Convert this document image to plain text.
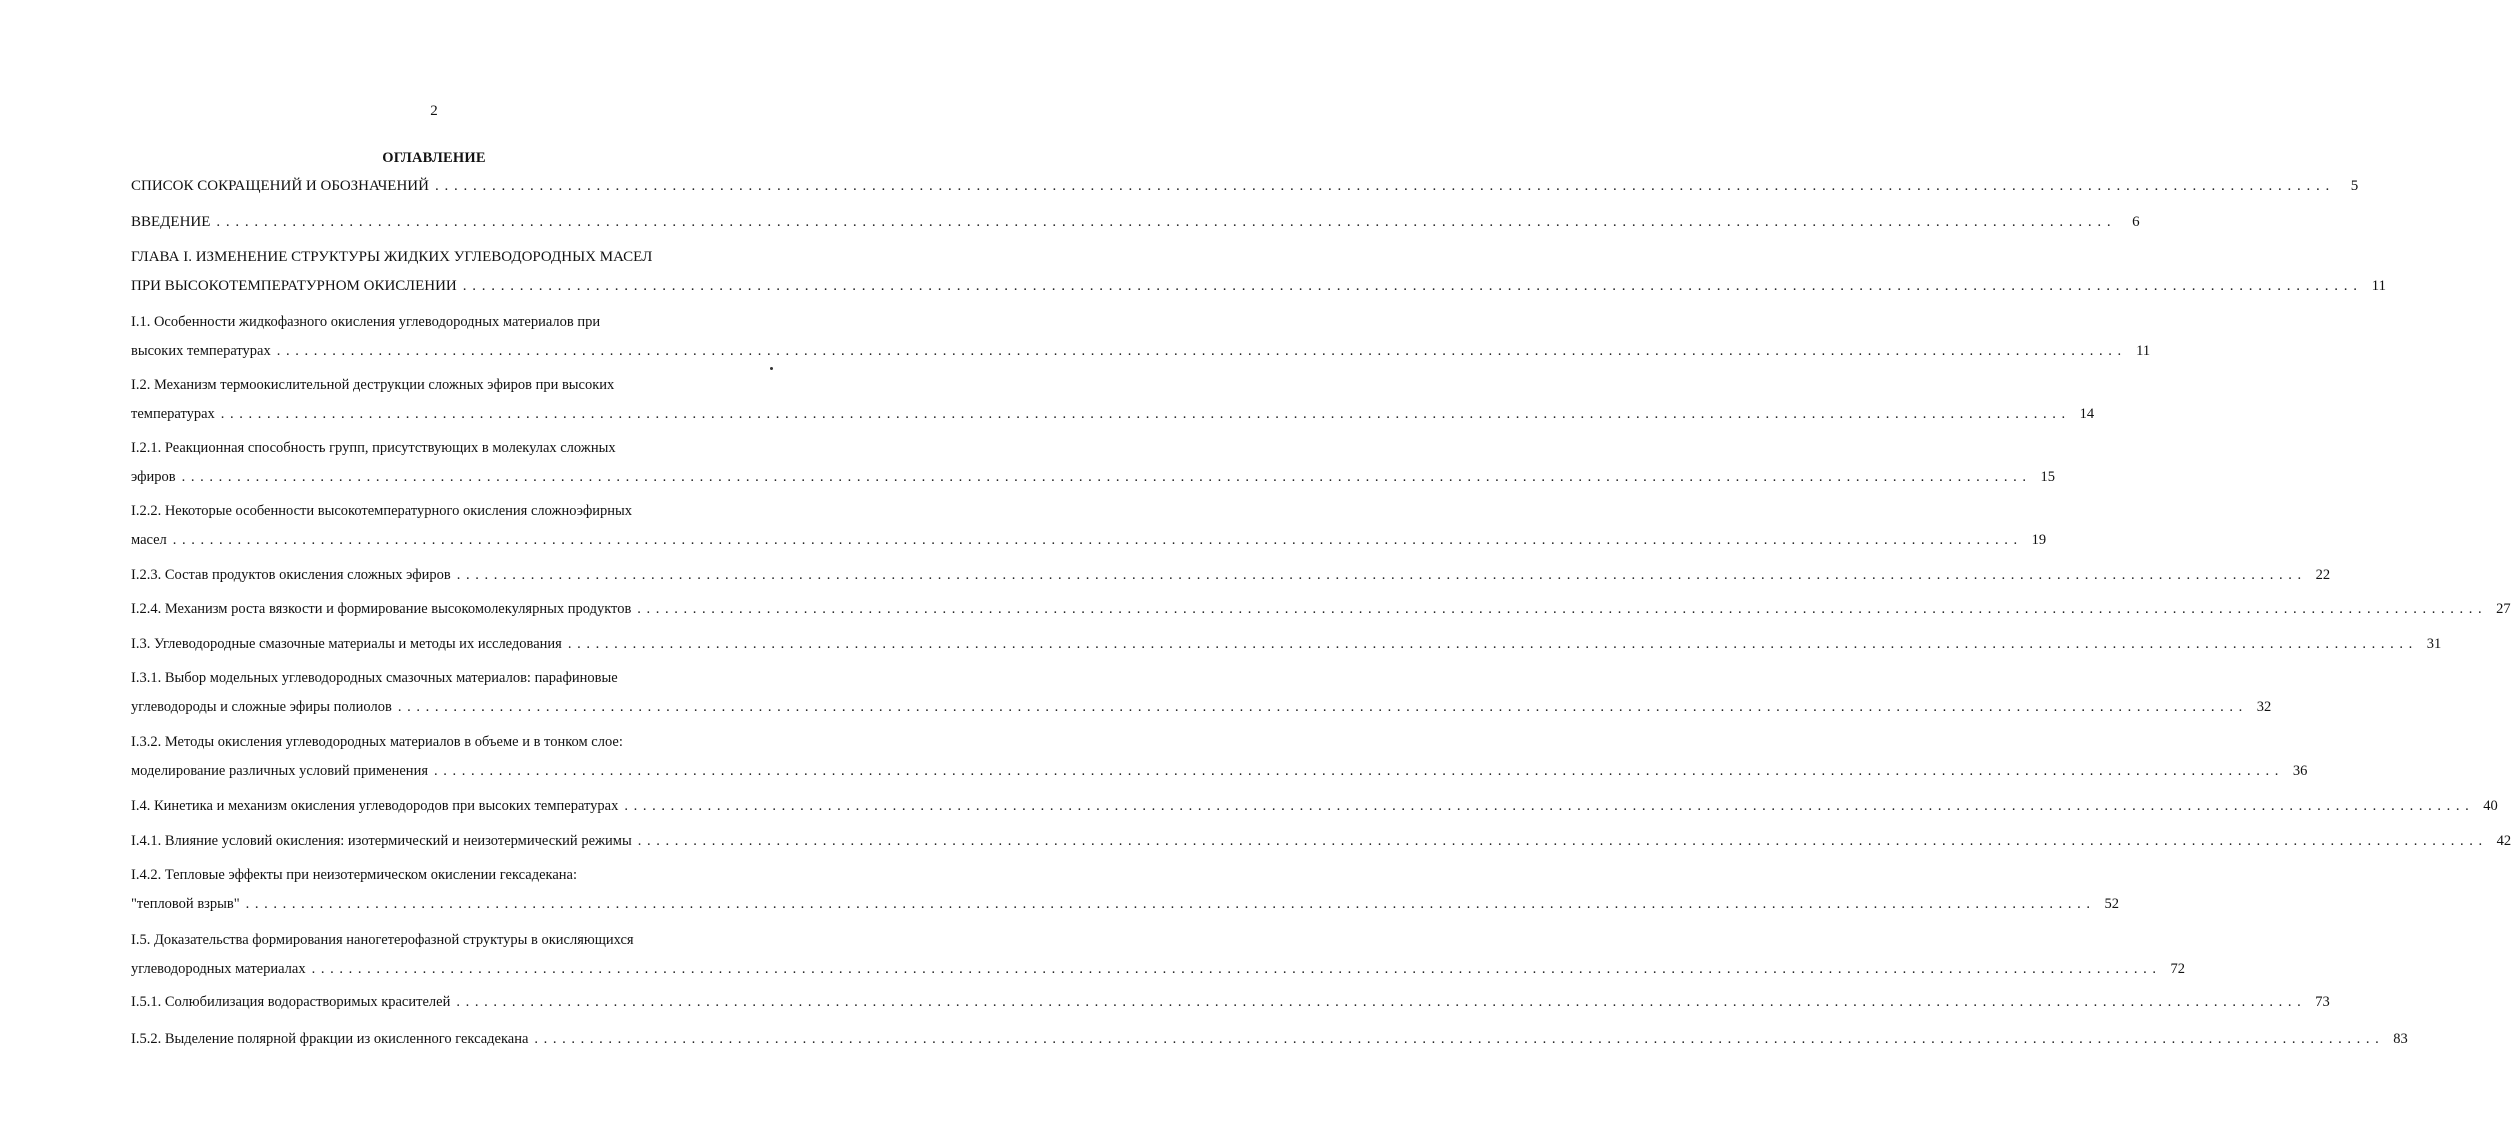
2
ОГЛАВЛЕНИЕ
СПИСОК СОКРАЩЕНИЙ И ОБОЗНАЧЕНИЙ . . . . . . . . . . . . . . . . . . . . . . . . . . . . . . . . . . . . . . . . . . . . . . . . . . . . . . . . . . . . . . . . . . . . . . . . . . . . . . . . . . . . . . . . . . . . . . . . . . . . . . . . . . . . . . . . . . . . . . . . . . . . . . . . . . . . . . . . . . . . . . . . . . . . . . . . . . . . . . . . . . . . . . . . . . . . . . . . . . . . . . . . . . . . . . . . . . . . . . . .	5
ВВЕДЕНИЕ . . . . . . . . . . . . . . . . . . . . . . . . . . . . . . . . . . . . . . . . . . . . . . . . . . . . . . . . . . . . . . . . . . . . . . . . . . . . . . . . . . . . . . . . . . . . . . . . . . . . . . . . . . . . . . . . . . . . . . . . . . . . . . . . . . . . . . . . . . . . . . . . . . . . . . . . . . . . . . . . . . . . . . . . . . . . . . . . . . . . . . . . . . . . . . . . . . . . . . . .	6
ГЛАВА I. ИЗМЕНЕНИЕ СТРУКТУРЫ ЖИДКИХ УГЛЕВОДОРОДНЫХ МАСЕЛ
ПРИ ВЫСОКОТЕМПЕРАТУРНОМ ОКИСЛЕНИИ . . . . . . . . . . . . . . . . . . . . . . . . . . . . . . . . . . . . . . . . . . . . . . . . . . . . . . . . . . . . . . . . . . . . . . . . . . . . . . . . . . . . . . . . . . . . . . . . . . . . . . . . . . . . . . . . . . . . . . . . . . . . . . . . . . . . . . . . . . . . . . . . . . . . . . . . . . . . . . . . . . . . . . . . . . . . . . . . . . . . . . . . . . . . . . . . . . . . . . . . 11
I.1. Особенности жидкофазного окисления углеводородных материалов при
высоких температурах . . . . . . . . . . . . . . . . . . . . . . . . . . . . . . . . . . . . . . . . . . . . . . . . . . . . . . . . . . . . . . . . . . . . . . . . . . . . . . . . . . . . . . . . . . . . . . . . . . . . . . . . . . . . . . . . . . . . . . . . . . . . . . . . . . . . . . . . . . . . . . . . . . . . . . . . . . . . . . . . . . . . . . . . . . . . . . . . . . . . . . . . . . . . . . . . . . . . . . . . 11
I.2. Механизм термоокислительной деструкции сложных эфиров при высоких
температурах . . . . . . . . . . . . . . . . . . . . . . . . . . . . . . . . . . . . . . . . . . . . . . . . . . . . . . . . . . . . . . . . . . . . . . . . . . . . . . . . . . . . . . . . . . . . . . . . . . . . . . . . . . . . . . . . . . . . . . . . . . . . . . . . . . . . . . . . . . . . . . . . . . . . . . . . . . . . . . . . . . . . . . . . . . . . . . . . . . . . . . . . . . . . . . . . . . . . . . . . 14
I.2.1. Реакционная способность групп, присутствующих в молекулах сложных
эфиров . . . . . . . . . . . . . . . . . . . . . . . . . . . . . . . . . . . . . . . . . . . . . . . . . . . . . . . . . . . . . . . . . . . . . . . . . . . . . . . . . . . . . . . . . . . . . . . . . . . . . . . . . . . . . . . . . . . . . . . . . . . . . . . . . . . . . . . . . . . . . . . . . . . . . . . . . . . . . . . . . . . . . . . . . . . . . . . . . . . . . . . . . . . . . . . . . . . . . . . . 15
I.2.2. Некоторые особенности высокотемпературного окисления сложноэфирных
масел . . . . . . . . . . . . . . . . . . . . . . . . . . . . . . . . . . . . . . . . . . . . . . . . . . . . . . . . . . . . . . . . . . . . . . . . . . . . . . . . . . . . . . . . . . . . . . . . . . . . . . . . . . . . . . . . . . . . . . . . . . . . . . . . . . . . . . . . . . . . . . . . . . . . . . . . . . . . . . . . . . . . . . . . . . . . . . . . . . . . . . . . . . . . . . . . . . . . . . . . 19
I.2.3. Состав продуктов окисления сложных эфиров . . . . . . . . . . . . . . . . . . . . . . . . . . . . . . . . . . . . . . . . . . . . . . . . . . . . . . . . . . . . . . . . . . . . . . . . . . . . . . . . . . . . . . . . . . . . . . . . . . . . . . . . . . . . . . . . . . . . . . . . . . . . . . . . . . . . . . . . . . . . . . . . . . . . . . . . . . . . . . . . . . . . . . . . . . . . . . . . . . . . . . . . . . . . . . . . . . . . . . . . 22
I.2.4. Механизм роста вязкости и формирование высокомолекулярных продуктов . . . . . . . . . . . . . . . . . . . . . . . . . . . . . . . . . . . . . . . . . . . . . . . . . . . . . . . . . . . . . . . . . . . . . . . . . . . . . . . . . . . . . . . . . . . . . . . . . . . . . . . . . . . . . . . . . . . . . . . . . . . . . . . . . . . . . . . . . . . . . . . . . . . . . . . . . . . . . . . . . . . . . . . . . . . . . . . . . . . . . . . . . . . . . . . . . . . . . . . . 27
I.3. Углеводородные смазочные материалы и методы их исследования . . . . . . . . . . . . . . . . . . . . . . . . . . . . . . . . . . . . . . . . . . . . . . . . . . . . . . . . . . . . . . . . . . . . . . . . . . . . . . . . . . . . . . . . . . . . . . . . . . . . . . . . . . . . . . . . . . . . . . . . . . . . . . . . . . . . . . . . . . . . . . . . . . . . . . . . . . . . . . . . . . . . . . . . . . . . . . . . . . . . . . . . . . . . . . . . . . . . . . . . 31
I.3.1. Выбор модельных углеводородных смазочных материалов: парафиновые
углеводороды и сложные эфиры полиолов . . . . . . . . . . . . . . . . . . . . . . . . . . . . . . . . . . . . . . . . . . . . . . . . . . . . . . . . . . . . . . . . . . . . . . . . . . . . . . . . . . . . . . . . . . . . . . . . . . . . . . . . . . . . . . . . . . . . . . . . . . . . . . . . . . . . . . . . . . . . . . . . . . . . . . . . . . . . . . . . . . . . . . . . . . . . . . . . . . . . . . . . . . . . . . . . . . . . . . . . 32
I.3.2. Методы окисления углеводородных материалов в объеме и в тонком слое:
моделирование различных условий применения . . . . . . . . . . . . . . . . . . . . . . . . . . . . . . . . . . . . . . . . . . . . . . . . . . . . . . . . . . . . . . . . . . . . . . . . . . . . . . . . . . . . . . . . . . . . . . . . . . . . . . . . . . . . . . . . . . . . . . . . . . . . . . . . . . . . . . . . . . . . . . . . . . . . . . . . . . . . . . . . . . . . . . . . . . . . . . . . . . . . . . . . . . . . . . . . . . . . . . . . 36
I.4. Кинетика и механизм окисления углеводородов при высоких температурах . . . . . . . . . . . . . . . . . . . . . . . . . . . . . . . . . . . . . . . . . . . . . . . . . . . . . . . . . . . . . . . . . . . . . . . . . . . . . . . . . . . . . . . . . . . . . . . . . . . . . . . . . . . . . . . . . . . . . . . . . . . . . . . . . . . . . . . . . . . . . . . . . . . . . . . . . . . . . . . . . . . . . . . . . . . . . . . . . . . . . . . . . . . . . . . . . . . . . . . . 40
I.4.1. Влияние условий окисления: изотермический и неизотермический режимы . . . . . . . . . . . . . . . . . . . . . . . . . . . . . . . . . . . . . . . . . . . . . . . . . . . . . . . . . . . . . . . . . . . . . . . . . . . . . . . . . . . . . . . . . . . . . . . . . . . . . . . . . . . . . . . . . . . . . . . . . . . . . . . . . . . . . . . . . . . . . . . . . . . . . . . . . . . . . . . . . . . . . . . . . . . . . . . . . . . . . . . . . . . . . . . . . . . . . . . . 42
I.4.2. Тепловые эффекты при неизотермическом окислении гексадекана:
"тепловой взрыв" . . . . . . . . . . . . . . . . . . . . . . . . . . . . . . . . . . . . . . . . . . . . . . . . . . . . . . . . . . . . . . . . . . . . . . . . . . . . . . . . . . . . . . . . . . . . . . . . . . . . . . . . . . . . . . . . . . . . . . . . . . . . . . . . . . . . . . . . . . . . . . . . . . . . . . . . . . . . . . . . . . . . . . . . . . . . . . . . . . . . . . . . . . . . . . . . . . . . . . . . 52
I.5. Доказательства формирования наногетерофазной структуры в окисляющихся
углеводородных материалах . . . . . . . . . . . . . . . . . . . . . . . . . . . . . . . . . . . . . . . . . . . . . . . . . . . . . . . . . . . . . . . . . . . . . . . . . . . . . . . . . . . . . . . . . . . . . . . . . . . . . . . . . . . . . . . . . . . . . . . . . . . . . . . . . . . . . . . . . . . . . . . . . . . . . . . . . . . . . . . . . . . . . . . . . . . . . . . . . . . . . . . . . . . . . . . . . . . . . . . . 72
I.5.1. Солюбилизация водорастворимых красителей . . . . . . . . . . . . . . . . . . . . . . . . . . . . . . . . . . . . . . . . . . . . . . . . . . . . . . . . . . . . . . . . . . . . . . . . . . . . . . . . . . . . . . . . . . . . . . . . . . . . . . . . . . . . . . . . . . . . . . . . . . . . . . . . . . . . . . . . . . . . . . . . . . . . . . . . . . . . . . . . . . . . . . . . . . . . . . . . . . . . . . . . . . . . . . . . . . . . . . . . 73
I.5.2. Выделение полярной фракции из окисленного гексадекана . . . . . . . . . . . . . . . . . . . . . . . . . . . . . . . . . . . . . . . . . . . . . . . . . . . . . . . . . . . . . . . . . . . . . . . . . . . . . . . . . . . . . . . . . . . . . . . . . . . . . . . . . . . . . . . . . . . . . . . . . . . . . . . . . . . . . . . . . . . . . . . . . . . . . . . . . . . . . . . . . . . . . . . . . . . . . . . . . . . . . . . . . . . . . . . . . . . . . . . . 83
